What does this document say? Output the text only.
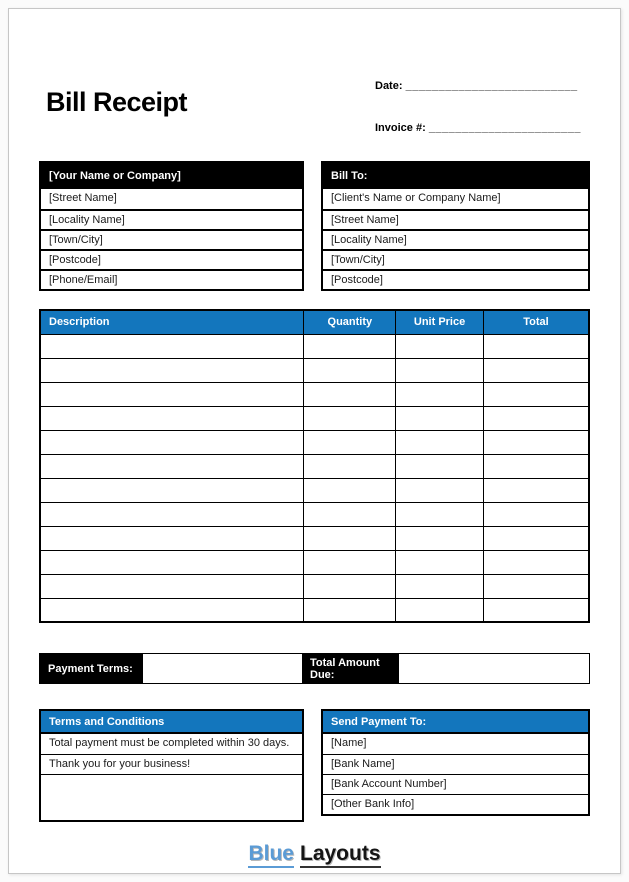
Bill Receipt
Date: __________________________
Invoice #: _______________________
[Your Name or Company]
[Street Name]
[Locality Name]
[Town/City]
[Postcode]
[Phone/Email]
Bill To:
[Client's Name or Company Name]
[Street Name]
[Locality Name]
[Town/City]
[Postcode]
Description	Quantity	Unit Price	Total

Payment Terms:	Total Amount Due:
Terms and Conditions
Total payment must be completed within 30 days.
Thank you for your business!
Send Payment To:
[Name]
[Bank Name]
[Bank Account Number]
[Other Bank Info]
Blue Layouts
